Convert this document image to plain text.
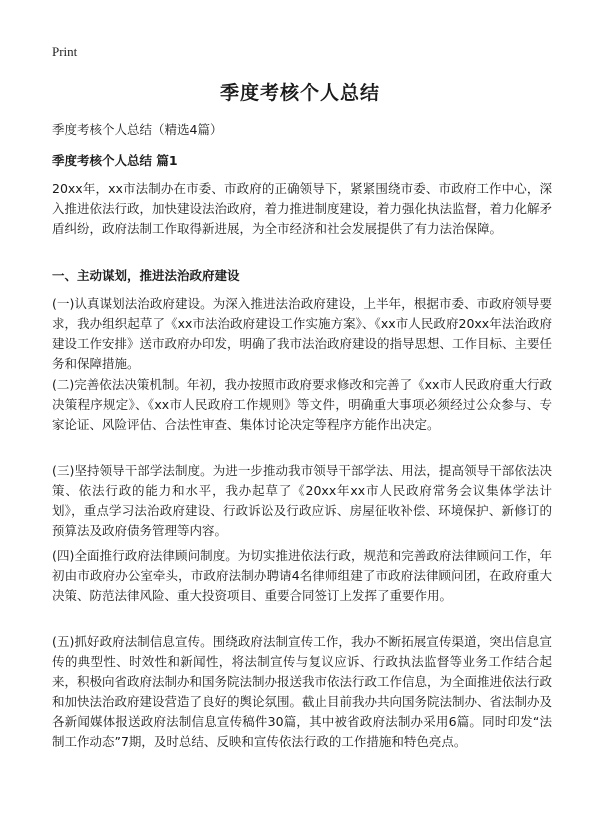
Print
季度考核个人总结

季度考核个人总结（精选4篇）

季度考核个人总结 篇1

20xx年，xx市法制办在市委、市政府的正确领导下，紧紧围绕市委、市政府工作中心，深入推进依法行政，加快建设法治政府，着力推进制度建设，着力强化执法监督，着力化解矛盾纠纷，政府法制工作取得新进展，为全市经济和社会发展提供了有力法治保障。

一、主动谋划，推进法治政府建设

(一)认真谋划法治政府建设。为深入推进法治政府建设，上半年，根据市委、市政府领导要求，我办组织起草了《xx市法治政府建设工作实施方案》、《xx市人民政府20xx年法治政府建设工作安排》送市政府办印发，明确了我市法治政府建设的指导思想、工作目标、主要任务和保障措施。

(二)完善依法决策机制。年初，我办按照市政府要求修改和完善了《xx市人民政府重大行政决策程序规定》、《xx市人民政府工作规则》等文件，明确重大事项必须经过公众参与、专家论证、风险评估、合法性审查、集体讨论决定等程序方能作出决定。

(三)坚持领导干部学法制度。为进一步推动我市领导干部学法、用法，提高领导干部依法决策、依法行政的能力和水平，我办起草了《20xx年xx市人民政府常务会议集体学法计划》，重点学习法治政府建设、行政诉讼及行政应诉、房屋征收补偿、环境保护、新修订的预算法及政府债务管理等内容。

(四)全面推行政府法律顾问制度。为切实推进依法行政，规范和完善政府法律顾问工作，年初由市政府办公室牵头，市政府法制办聘请4名律师组建了市政府法律顾问团，在政府重大决策、防范法律风险、重大投资项目、重要合同签订上发挥了重要作用。

(五)抓好政府法制信息宣传。围绕政府法制宣传工作，我办不断拓展宣传渠道，突出信息宣传的典型性、时效性和新闻性，将法制宣传与复议应诉、行政执法监督等业务工作结合起来，积极向省政府法制办和国务院法制办报送我市依法行政工作信息，为全面推进依法行政和加快法治政府建设营造了良好的舆论氛围。截止目前我办共向国务院法制办、省法制办及各新闻媒体报送政府法制信息宣传稿件30篇，其中被省政府法制办采用6篇。同时印发“法制工作动态”7期，及时总结、反映和宣传依法行政的工作措施和特色亮点。
